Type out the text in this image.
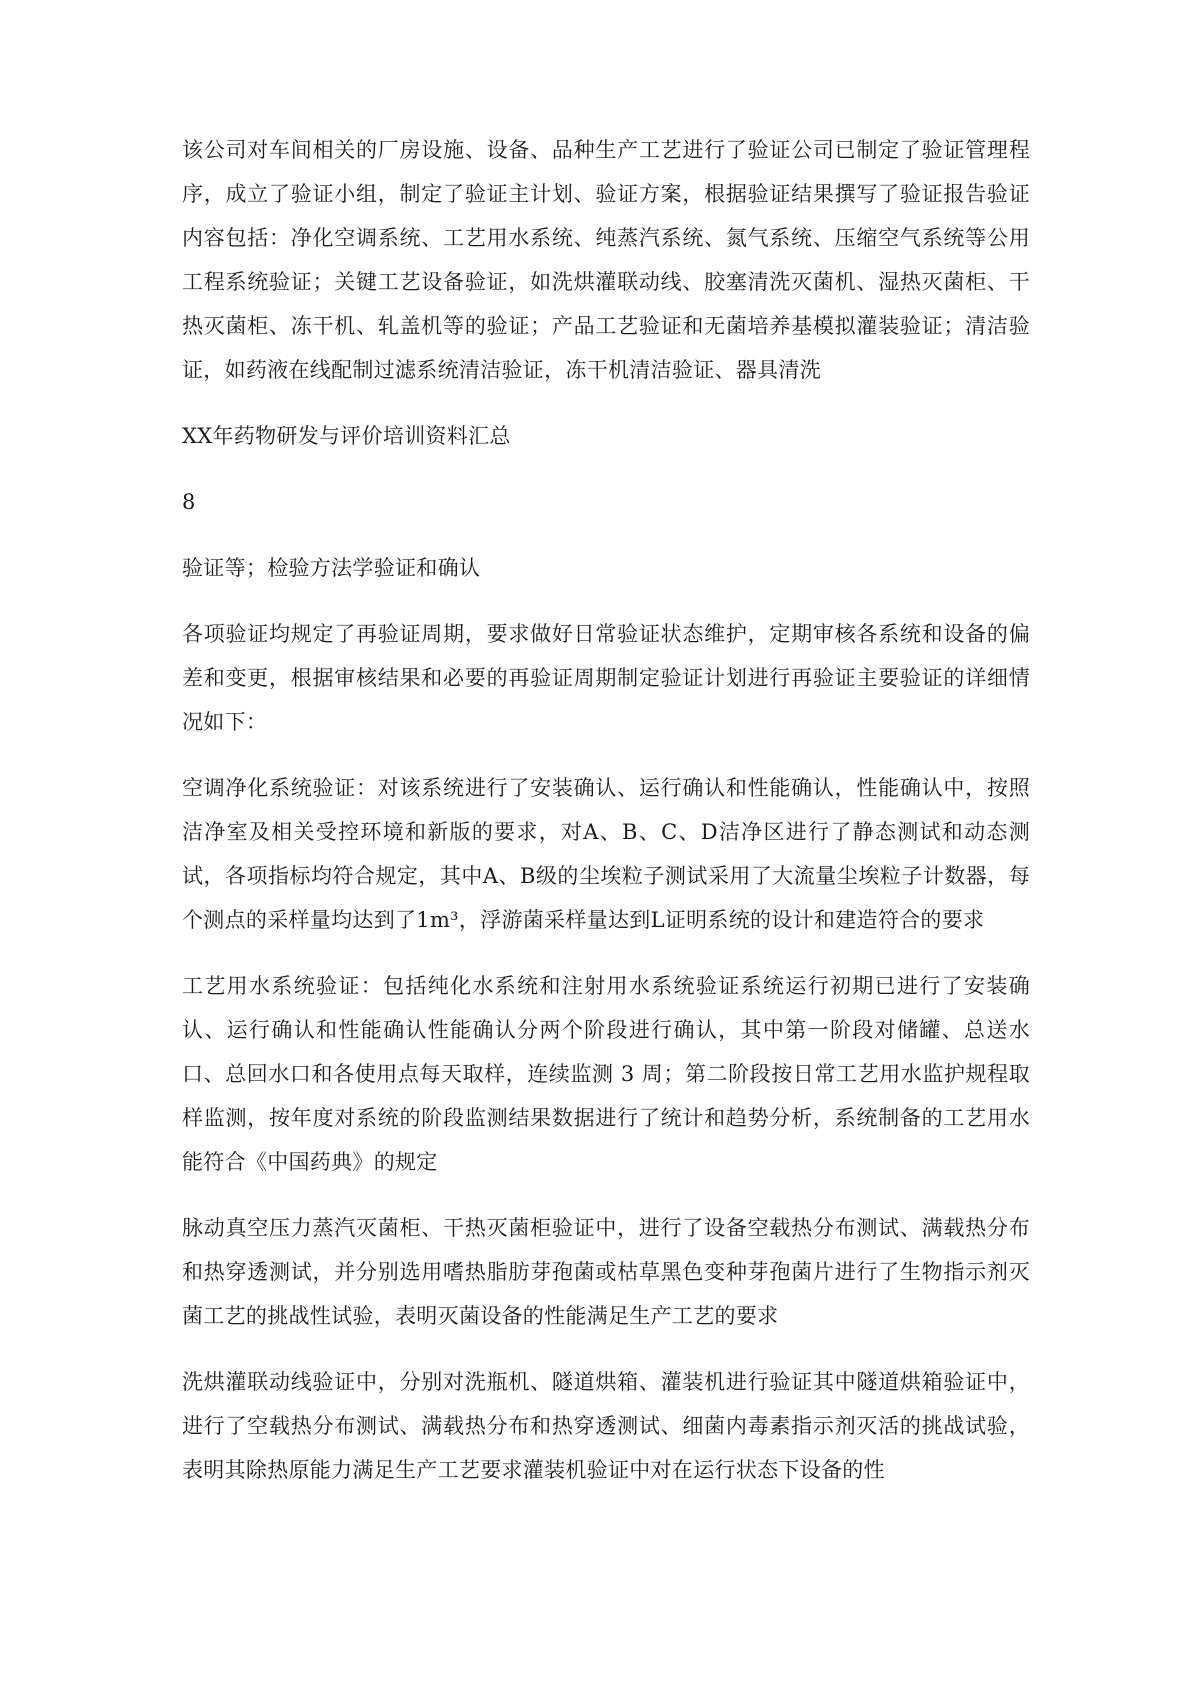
该公司对车间相关的厂房设施、设备、品种生产工艺进行了验证公司已制定了验证管理程序，成立了验证小组，制定了验证主计划、验证方案，根据验证结果撰写了验证报告验证内容包括：净化空调系统、工艺用水系统、纯蒸汽系统、氮气系统、压缩空气系统等公用工程系统验证；关键工艺设备验证，如洗烘灌联动线、胶塞清洗灭菌机、湿热灭菌柜、干热灭菌柜、冻干机、轧盖机等的验证；产品工艺验证和无菌培养基模拟灌装验证；清洁验证，如药液在线配制过滤系统清洁验证，冻干机清洁验证、器具清洗

XX年药物研发与评价培训资料汇总

8

验证等；检验方法学验证和确认

各项验证均规定了再验证周期，要求做好日常验证状态维护，定期审核各系统和设备的偏差和变更，根据审核结果和必要的再验证周期制定验证计划进行再验证主要验证的详细情况如下：

空调净化系统验证：对该系统进行了安装确认、运行确认和性能确认，性能确认中，按照洁净室及相关受控环境和新版的要求，对A、B、C、D洁净区进行了静态测试和动态测试，各项指标均符合规定，其中A、B级的尘埃粒子测试采用了大流量尘埃粒子计数器，每个测点的采样量均达到了1m³，浮游菌采样量达到L证明系统的设计和建造符合的要求

工艺用水系统验证：包括纯化水系统和注射用水系统验证系统运行初期已进行了安装确认、运行确认和性能确认性能确认分两个阶段进行确认，其中第一阶段对储罐、总送水口、总回水口和各使用点每天取样，连续监测 3 周；第二阶段按日常工艺用水监护规程取样监测，按年度对系统的阶段监测结果数据进行了统计和趋势分析，系统制备的工艺用水能符合《中国药典》的规定

脉动真空压力蒸汽灭菌柜、干热灭菌柜验证中，进行了设备空载热分布测试、满载热分布和热穿透测试，并分别选用嗜热脂肪芽孢菌或枯草黑色变种芽孢菌片进行了生物指示剂灭菌工艺的挑战性试验，表明灭菌设备的性能满足生产工艺的要求

洗烘灌联动线验证中，分别对洗瓶机、隧道烘箱、灌装机进行验证其中隧道烘箱验证中，进行了空载热分布测试、满载热分布和热穿透测试、细菌内毒素指示剂灭活的挑战试验，表明其除热原能力满足生产工艺要求灌装机验证中对在运行状态下设备的性
